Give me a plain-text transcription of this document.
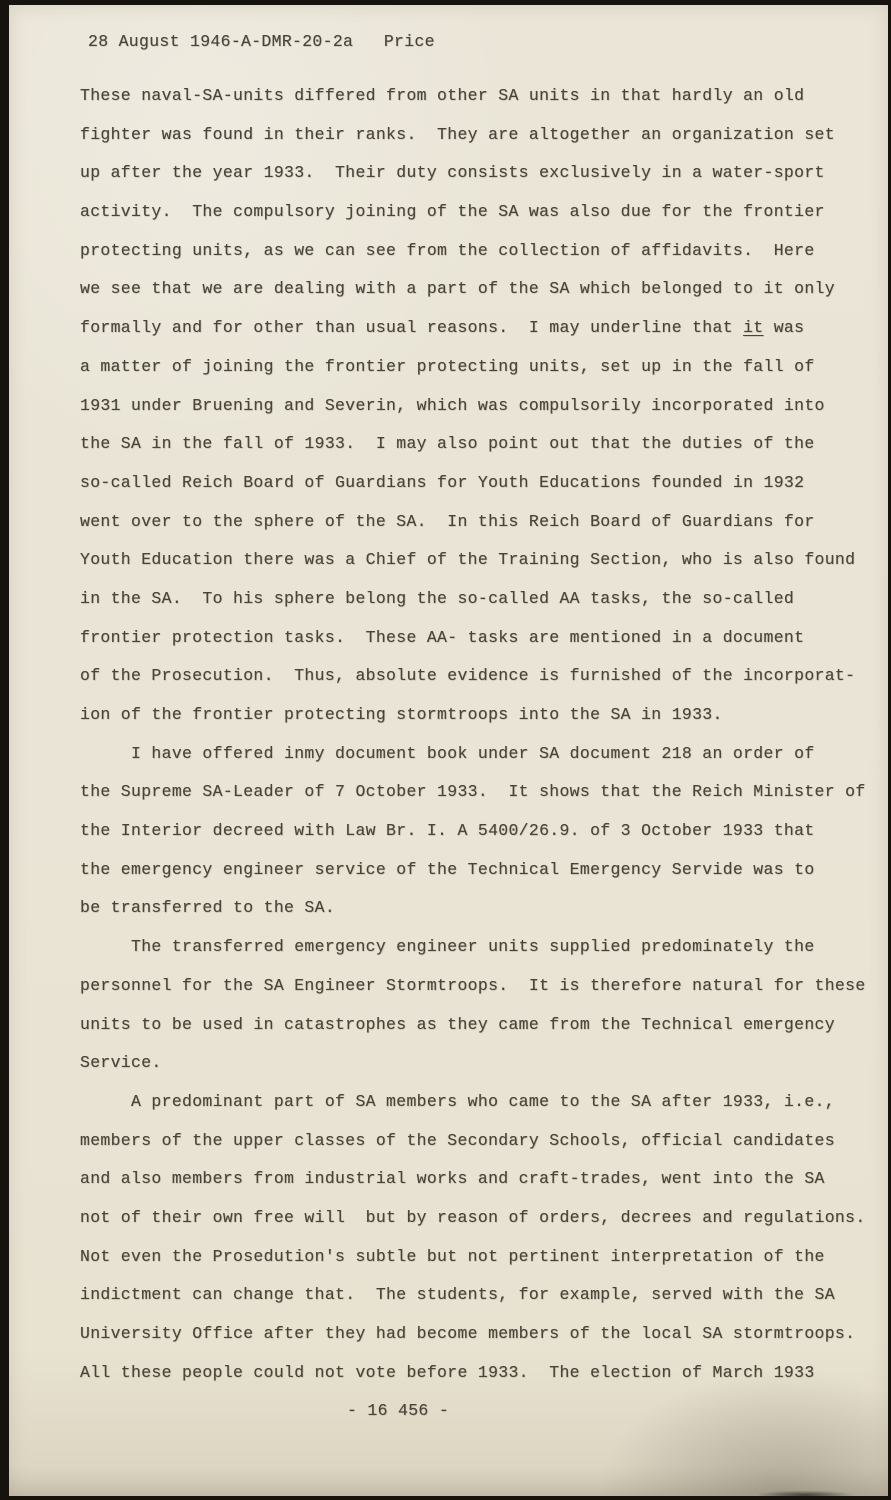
28 August 1946-A-DMR-20-2a   Price
These naval-SA-units differed from other SA units in that hardly an old
fighter was found in their ranks.  They are altogether an organization set
up after the year 1933.  Their duty consists exclusively in a water-sport
activity.  The compulsory joining of the SA was also due for the frontier
protecting units, as we can see from the collection of affidavits.  Here
we see that we are dealing with a part of the SA which belonged to it only
formally and for other than usual reasons.  I may underline that it was
a matter of joining the frontier protecting units, set up in the fall of
1931 under Bruening and Severin, which was compulsorily incorporated into
the SA in the fall of 1933.  I may also point out that the duties of the
so-called Reich Board of Guardians for Youth Educations founded in 1932
went over to the sphere of the SA.  In this Reich Board of Guardians for
Youth Education there was a Chief of the Training Section, who is also found
in the SA.  To his sphere belong the so-called AA tasks, the so-called
frontier protection tasks.  These AA- tasks are mentioned in a document
of the Prosecution.  Thus, absolute evidence is furnished of the incorporat-
ion of the frontier protecting stormtroops into the SA in 1933.
I have offered inmy document book under SA document 218 an order of
the Supreme SA-Leader of 7 October 1933.  It shows that the Reich Minister of
the Interior decreed with Law Br. I. A 5400/26.9. of 3 October 1933 that
the emergency engineer service of the Technical Emergency Servide was to
be transferred to the SA.
The transferred emergency engineer units supplied predominately the
personnel for the SA Engineer Stormtroops.  It is therefore natural for these
units to be used in catastrophes as they came from the Technical emergency
Service.
A predominant part of SA members who came to the SA after 1933, i.e.,
members of the upper classes of the Secondary Schools, official candidates
and also members from industrial works and craft-trades, went into the SA
not of their own free will  but by reason of orders, decrees and regulations.
Not even the Prosedution's subtle but not pertinent interpretation of the
indictment can change that.  The students, for example, served with the SA
University Office after they had become members of the local SA stormtroops.
All these people could not vote before 1933.  The election of March 1933
- 16 456 -
